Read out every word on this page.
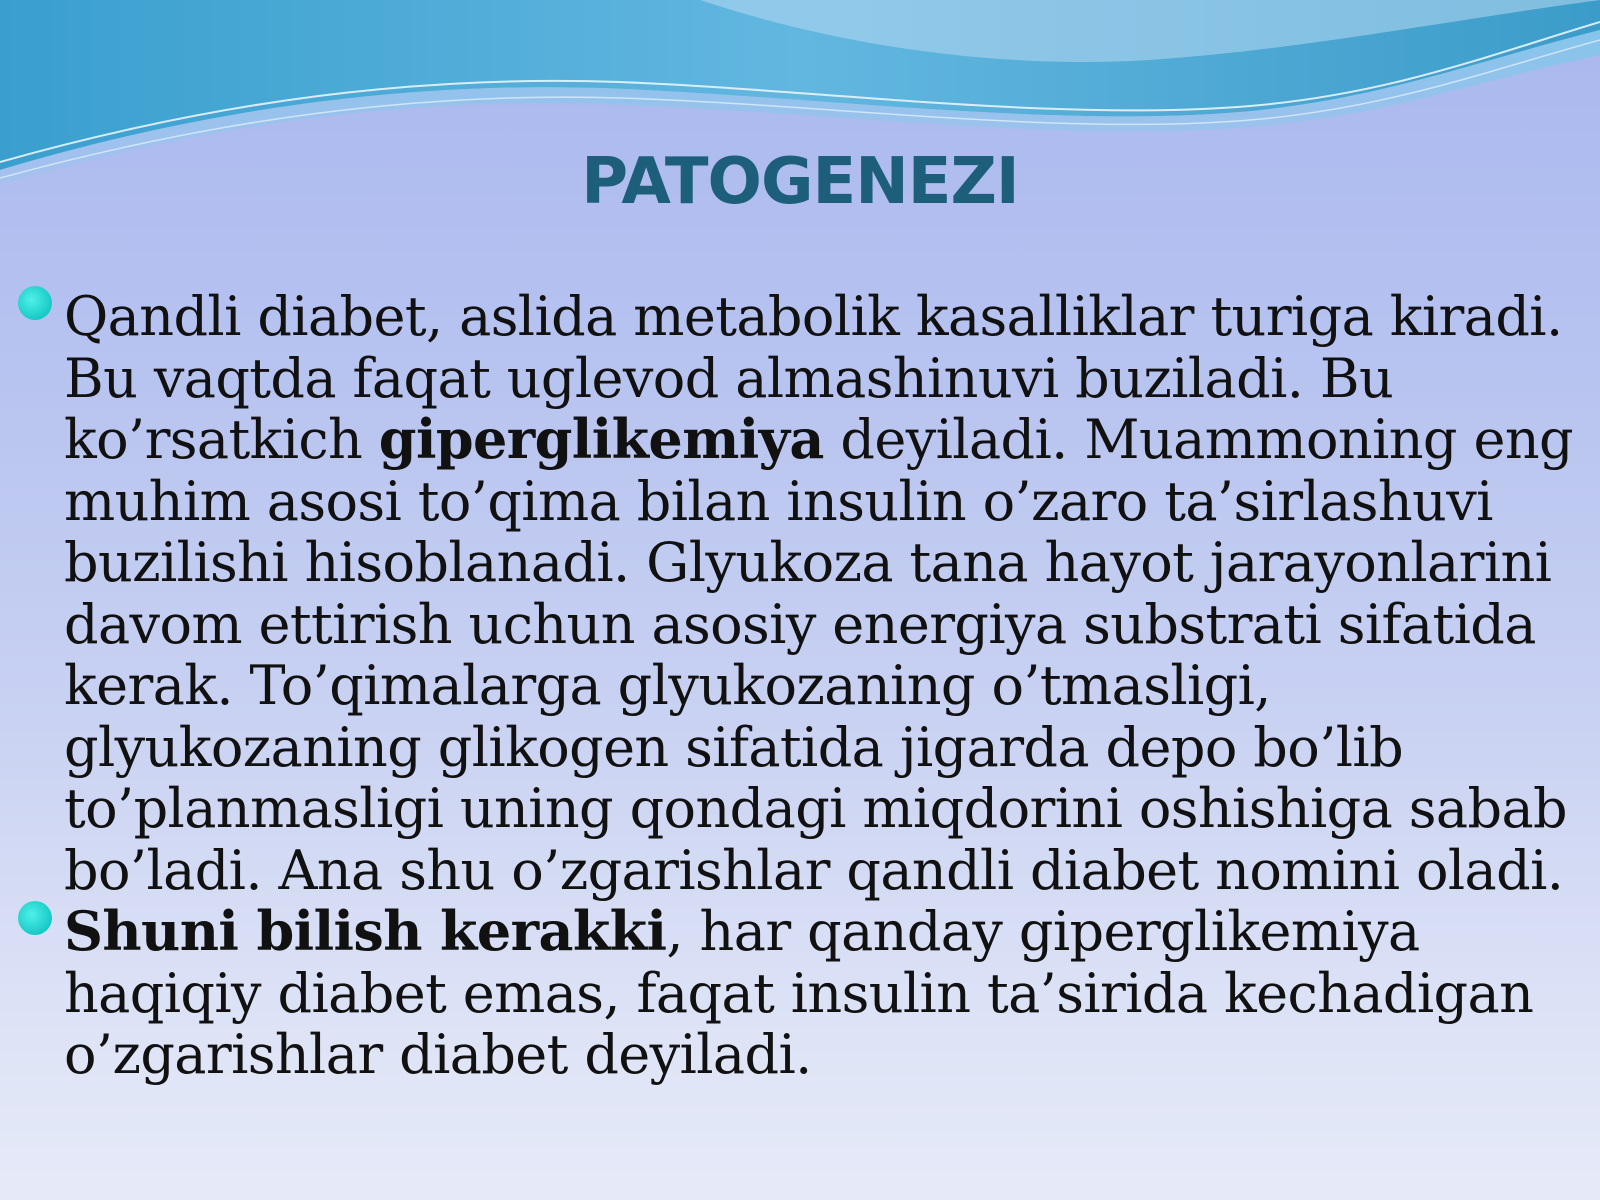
PATOGENEZI
Qandli diabet, aslida metabolik kasalliklar turiga kiradi. Bu vaqtda faqat uglevod almashinuvi buziladi. Bu ko’rsatkich giperglikemiya deyiladi. Muammoning eng muhim asosi to’qima bilan insulin o’zaro ta’sirlashuvi buzilishi hisoblanadi. Glyukoza tana hayot jarayonlarini davom ettirish uchun asosiy energiya substrati sifatida kerak. To’qimalarga glyukozaning o’tmasligi, glyukozaning glikogen sifatida jigarda depo bo’lib to’planmasligi uning qondagi miqdorini oshishiga sabab bo’ladi. Ana shu o’zgarishlar qandli diabet nomini oladi.
Shuni bilish kerakki, har qanday giperglikemiya haqiqiy diabet emas, faqat insulin ta’sirida kechadigan o’zgarishlar diabet deyiladi.
